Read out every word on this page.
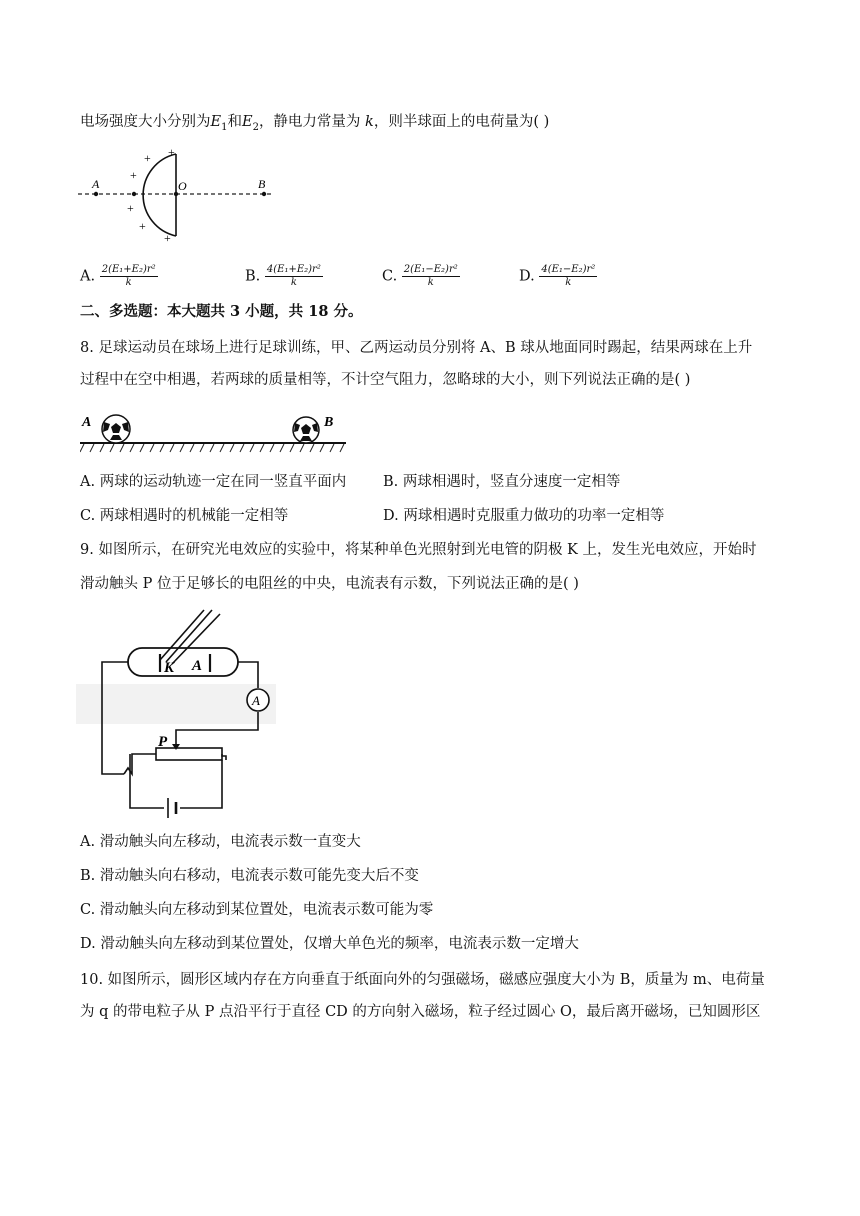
电场强度大小分别为$E_1$和$E_2$，静电力常量为 k，则半球面上的电荷量为( )
A	O	B
+
+
+
+
+
+
A. $\frac{\text{2(E₁+E₂)r²}}{k}$	B. $\frac{\text{4(E₁+E₂)r²}}{k}$	C. $\frac{\text{2(E₁−E₂)r²}}{k}$	D. $\frac{\text{4(E₁−E₂)r²}}{k}$
二、多选题：本大题共 3 小题，共 18 分。
8. 足球运动员在球场上进行足球训练，甲、乙两运动员分别将 A、B 球从地面同时踢起，结果两球在上升
过程中在空中相遇，若两球的质量相等，不计空气阻力，忽略球的大小，则下列说法正确的是( )
A	B
A. 两球的运动轨迹一定在同一竖直平面内	B. 两球相遇时，竖直分速度一定相等
C. 两球相遇时的机械能一定相等	D. 两球相遇时克服重力做功的功率一定相等
9. 如图所示，在研究光电效应的实验中，将某种单色光照射到光电管的阴极 K 上，发生光电效应，开始时
滑动触头 P 位于足够长的电阻丝的中央，电流表有示数，下列说法正确的是( )
K A
A
P
A. 滑动触头向左移动，电流表示数一直变大
B. 滑动触头向右移动，电流表示数可能先变大后不变
C. 滑动触头向左移动到某位置处，电流表示数可能为零
D. 滑动触头向左移动到某位置处，仅增大单色光的频率，电流表示数一定增大
10. 如图所示，圆形区域内存在方向垂直于纸面向外的匀强磁场，磁感应强度大小为 B，质量为 m、电荷量
为 q 的带电粒子从 P 点沿平行于直径 CD 的方向射入磁场，粒子经过圆心 O，最后离开磁场，已知圆形区
